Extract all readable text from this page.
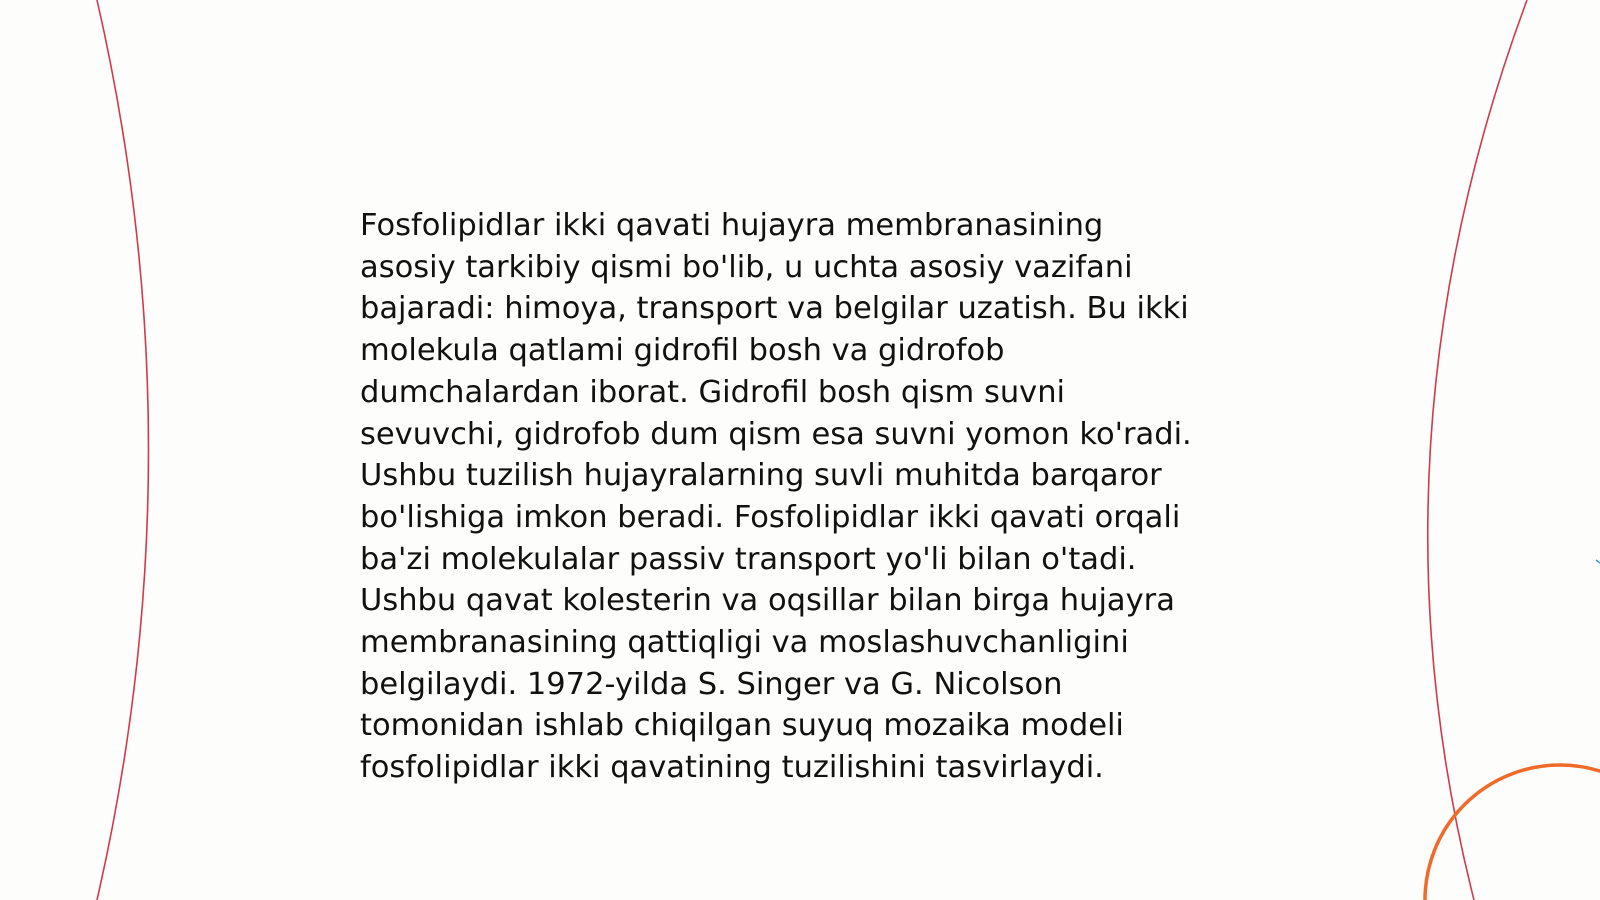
Fosfolipidlar ikki qavati hujayra membranasining
asosiy tarkibiy qismi bo'lib, u uchta asosiy vazifani
bajaradi: himoya, transport va belgilar uzatish. Bu ikki
molekula qatlami gidrofil bosh va gidrofob
dumchalardan iborat. Gidrofil bosh qism suvni
sevuvchi, gidrofob dum qism esa suvni yomon ko'radi.
Ushbu tuzilish hujayralarning suvli muhitda barqaror
bo'lishiga imkon beradi. Fosfolipidlar ikki qavati orqali
ba'zi molekulalar passiv transport yo'li bilan o'tadi.
Ushbu qavat kolesterin va oqsillar bilan birga hujayra
membranasining qattiqligi va moslashuvchanligini
belgilaydi. 1972-yilda S. Singer va G. Nicolson
tomonidan ishlab chiqilgan suyuq mozaika modeli
fosfolipidlar ikki qavatining tuzilishini tasvirlaydi.
